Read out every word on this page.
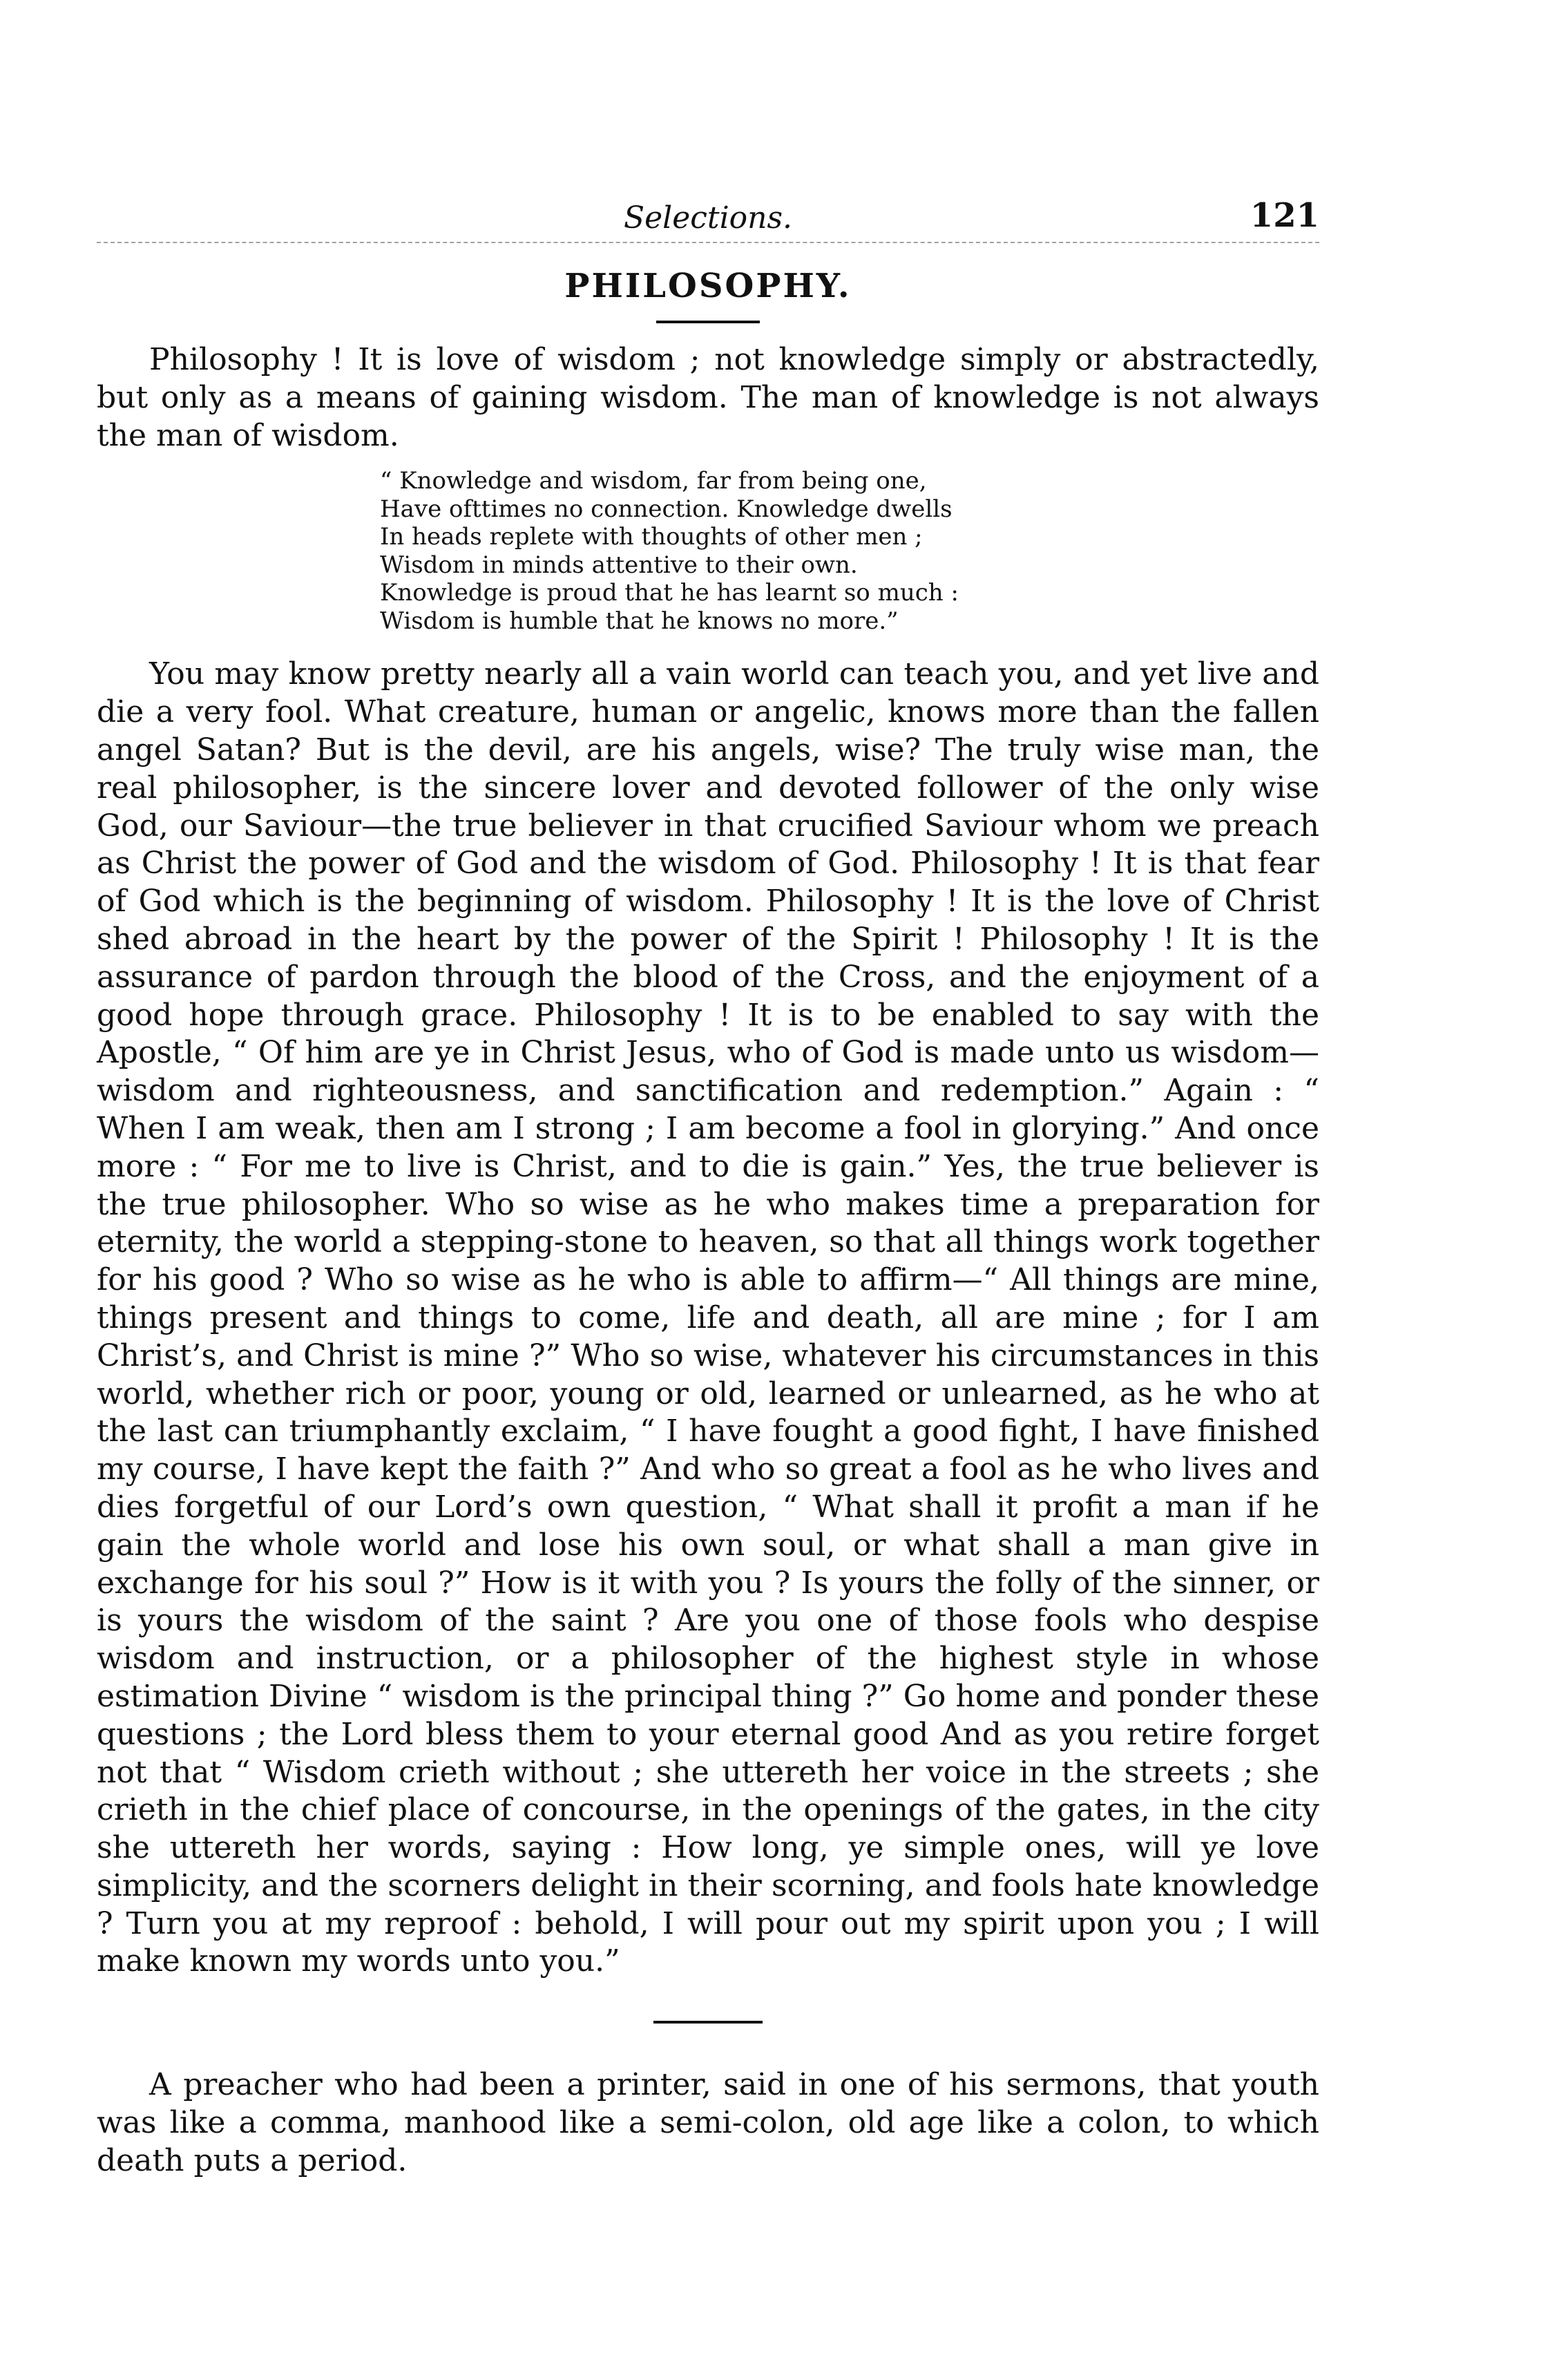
Selections.	121
PHILOSOPHY.

Philosophy ! It is love of wisdom ; not knowledge simply or abstractedly, but only as a means of gaining wisdom. The man of knowledge is not always the man of wisdom.

“ Knowledge and wisdom, far from being one,
Have ofttimes no connection. Knowledge dwells
In heads replete with thoughts of other men ;
Wisdom in minds attentive to their own.
Knowledge is proud that he has learnt so much :
Wisdom is humble that he knows no more.”

You may know pretty nearly all a vain world can teach you, and yet live and die a very fool. What creature, human or angelic, knows more than the fallen angel Satan? But is the devil, are his angels, wise? The truly wise man, the real philosopher, is the sincere lover and devoted follower of the only wise God, our Saviour—the true believer in that crucified Saviour whom we preach as Christ the power of God and the wisdom of God. Philosophy ! It is that fear of God which is the beginning of wisdom. Philosophy ! It is the love of Christ shed abroad in the heart by the power of the Spirit ! Philosophy ! It is the assurance of pardon through the blood of the Cross, and the enjoyment of a good hope through grace. Philosophy ! It is to be enabled to say with the Apostle, “ Of him are ye in Christ Jesus, who of God is made unto us wisdom—wisdom and righteousness, and sanctification and redemption.” Again : “ When I am weak, then am I strong ; I am become a fool in glorying.” And once more : “ For me to live is Christ, and to die is gain.” Yes, the true believer is the true philosopher. Who so wise as he who makes time a preparation for eternity, the world a stepping-stone to heaven, so that all things work together for his good ? Who so wise as he who is able to affirm—“ All things are mine, things present and things to come, life and death, all are mine ; for I am Christ’s, and Christ is mine ?” Who so wise, whatever his circumstances in this world, whether rich or poor, young or old, learned or unlearned, as he who at the last can triumphantly exclaim, “ I have fought a good fight, I have finished my course, I have kept the faith ?” And who so great a fool as he who lives and dies forgetful of our Lord’s own question, “ What shall it profit a man if he gain the whole world and lose his own soul, or what shall a man give in exchange for his soul ?” How is it with you ? Is yours the folly of the sinner, or is yours the wisdom of the saint ? Are you one of those fools who despise wisdom and instruction, or a philosopher of the highest style in whose estimation Divine “ wisdom is the principal thing ?” Go home and ponder these questions ; the Lord bless them to your eternal good And as you retire forget not that “ Wisdom crieth without ; she uttereth her voice in the streets ; she crieth in the chief place of concourse, in the openings of the gates, in the city she uttereth her words, saying : How long, ye simple ones, will ye love simplicity, and the scorners delight in their scorning, and fools hate knowledge ? Turn you at my reproof : behold, I will pour out my spirit upon you ; I will make known my words unto you.”

A preacher who had been a printer, said in one of his sermons, that youth was like a comma, manhood like a semi-colon, old age like a colon, to which death puts a period.
